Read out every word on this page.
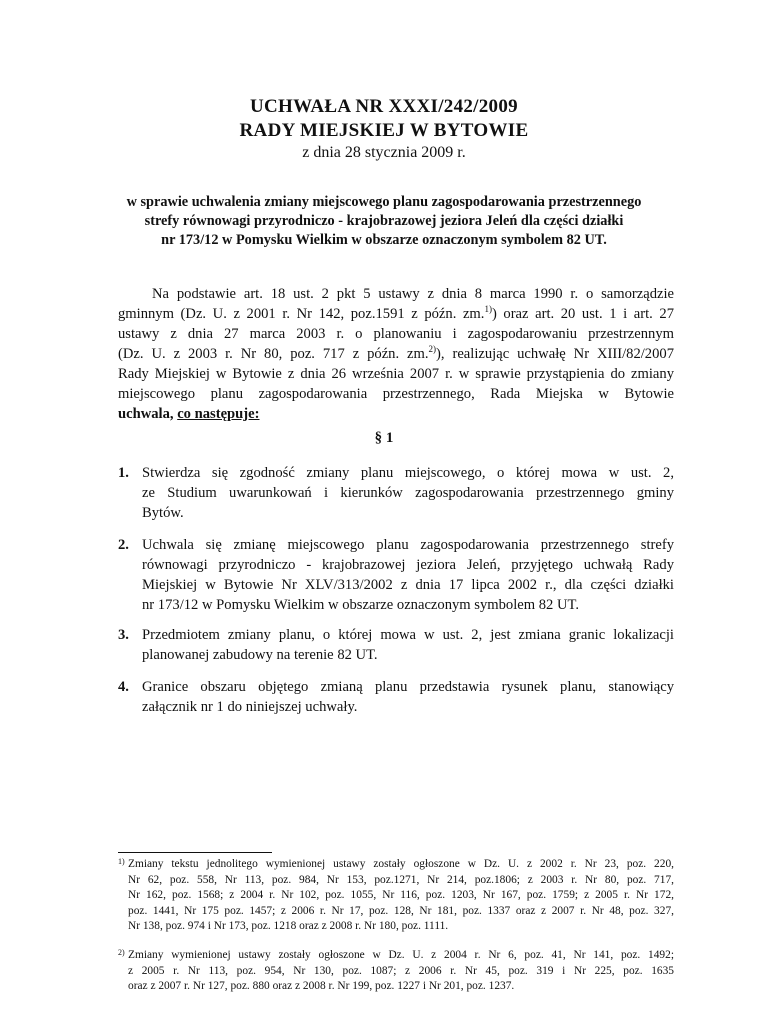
UCHWAŁA NR XXXI/242/2009
RADY MIEJSKIEJ W BYTOWIE
z dnia 28 stycznia 2009 r.
w sprawie uchwalenia zmiany miejscowego planu zagospodarowania przestrzennego
strefy równowagi przyrodniczo - krajobrazowej jeziora Jeleń dla części działki
nr 173/12 w Pomysku Wielkim w obszarze oznaczonym symbolem 82 UT.
Na podstawie art. 18 ust. 2 pkt 5 ustawy z dnia 8 marca 1990 r. o samorządzie
gminnym (Dz. U. z 2001 r. Nr 142, poz.1591 z późn. zm.$^{1)}$) oraz art. 20 ust. 1 i art. 27
ustawy z dnia 27 marca 2003 r. o planowaniu i zagospodarowaniu przestrzennym
(Dz. U. z 2003 r. Nr 80, poz. 717 z późn. zm.$^{2)}$), realizując uchwałę Nr XIII/82/2007
Rady Miejskiej w Bytowie z dnia 26 września 2007 r. w sprawie przystąpienia do zmiany
miejscowego planu zagospodarowania przestrzennego, Rada Miejska w Bytowie
uchwala, co następuje:
§ 1
1. Stwierdza się zgodność zmiany planu miejscowego, o której mowa w ust. 2,
ze Studium uwarunkowań i kierunków zagospodarowania przestrzennego gminy
Bytów.
2. Uchwala się zmianę miejscowego planu zagospodarowania przestrzennego strefy
równowagi przyrodniczo - krajobrazowej jeziora Jeleń, przyjętego uchwałą Rady
Miejskiej w Bytowie Nr XLV/313/2002 z dnia 17 lipca 2002 r., dla części działki
nr 173/12 w Pomysku Wielkim w obszarze oznaczonym symbolem 82 UT.
3. Przedmiotem zmiany planu, o której mowa w ust. 2, jest zmiana granic lokalizacji
planowanej zabudowy na terenie 82 UT.
4. Granice obszaru objętego zmianą planu przedstawia rysunek planu, stanowiący
załącznik nr 1 do niniejszej uchwały.
1) Zmiany tekstu jednolitego wymienionej ustawy zostały ogłoszone w Dz. U. z 2002 r. Nr 23, poz. 220,
Nr 62, poz. 558, Nr 113, poz. 984, Nr 153, poz.1271, Nr 214, poz.1806; z 2003 r. Nr 80, poz. 717,
Nr 162, poz. 1568; z 2004 r. Nr 102, poz. 1055, Nr 116, poz. 1203, Nr 167, poz. 1759; z 2005 r. Nr 172,
poz. 1441, Nr 175 poz. 1457; z 2006 r. Nr 17, poz. 128, Nr 181, poz. 1337 oraz z 2007 r. Nr 48, poz. 327,
Nr 138, poz. 974 i Nr 173, poz. 1218 oraz z 2008 r. Nr 180, poz. 1111.
2) Zmiany wymienionej ustawy zostały ogłoszone w Dz. U. z 2004 r. Nr 6, poz. 41, Nr 141, poz. 1492;
z 2005 r. Nr 113, poz. 954, Nr 130, poz. 1087; z 2006 r. Nr 45, poz. 319 i Nr 225, poz. 1635
oraz z 2007 r. Nr 127, poz. 880 oraz z 2008 r. Nr 199, poz. 1227 i Nr 201, poz. 1237.
